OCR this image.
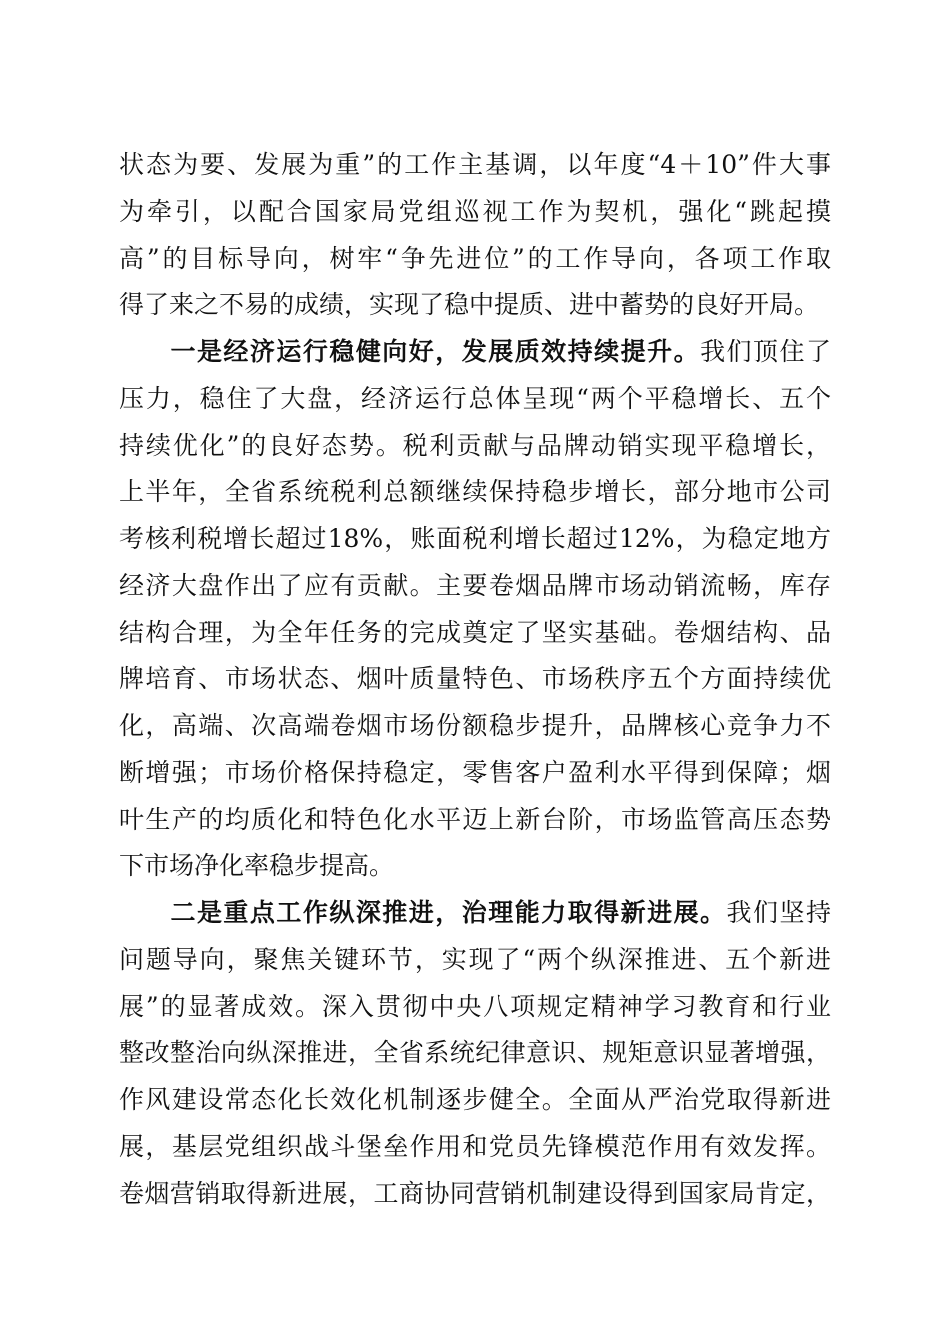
状态为要、发展为重”的工作主基调，以年度“4＋10”件大事
为牵引，以配合国家局党组巡视工作为契机，强化“跳起摸
高”的目标导向，树牢“争先进位”的工作导向，各项工作取
得了来之不易的成绩，实现了稳中提质、进中蓄势的良好开局。
一是经济运行稳健向好，发展质效持续提升。我们顶住了
压力，稳住了大盘，经济运行总体呈现“两个平稳增长、五个
持续优化”的良好态势。税利贡献与品牌动销实现平稳增长，
上半年，全省系统税利总额继续保持稳步增长，部分地市公司
考核利税增长超过18%，账面税利增长超过12%，为稳定地方
经济大盘作出了应有贡献。主要卷烟品牌市场动销流畅，库存
结构合理，为全年任务的完成奠定了坚实基础。卷烟结构、品
牌培育、市场状态、烟叶质量特色、市场秩序五个方面持续优
化，高端、次高端卷烟市场份额稳步提升，品牌核心竞争力不
断增强；市场价格保持稳定，零售客户盈利水平得到保障；烟
叶生产的均质化和特色化水平迈上新台阶，市场监管高压态势
下市场净化率稳步提高。
二是重点工作纵深推进，治理能力取得新进展。我们坚持
问题导向，聚焦关键环节，实现了“两个纵深推进、五个新进
展”的显著成效。深入贯彻中央八项规定精神学习教育和行业
整改整治向纵深推进，全省系统纪律意识、规矩意识显著增强，
作风建设常态化长效化机制逐步健全。全面从严治党取得新进
展，基层党组织战斗堡垒作用和党员先锋模范作用有效发挥。
卷烟营销取得新进展，工商协同营销机制建设得到国家局肯定，
